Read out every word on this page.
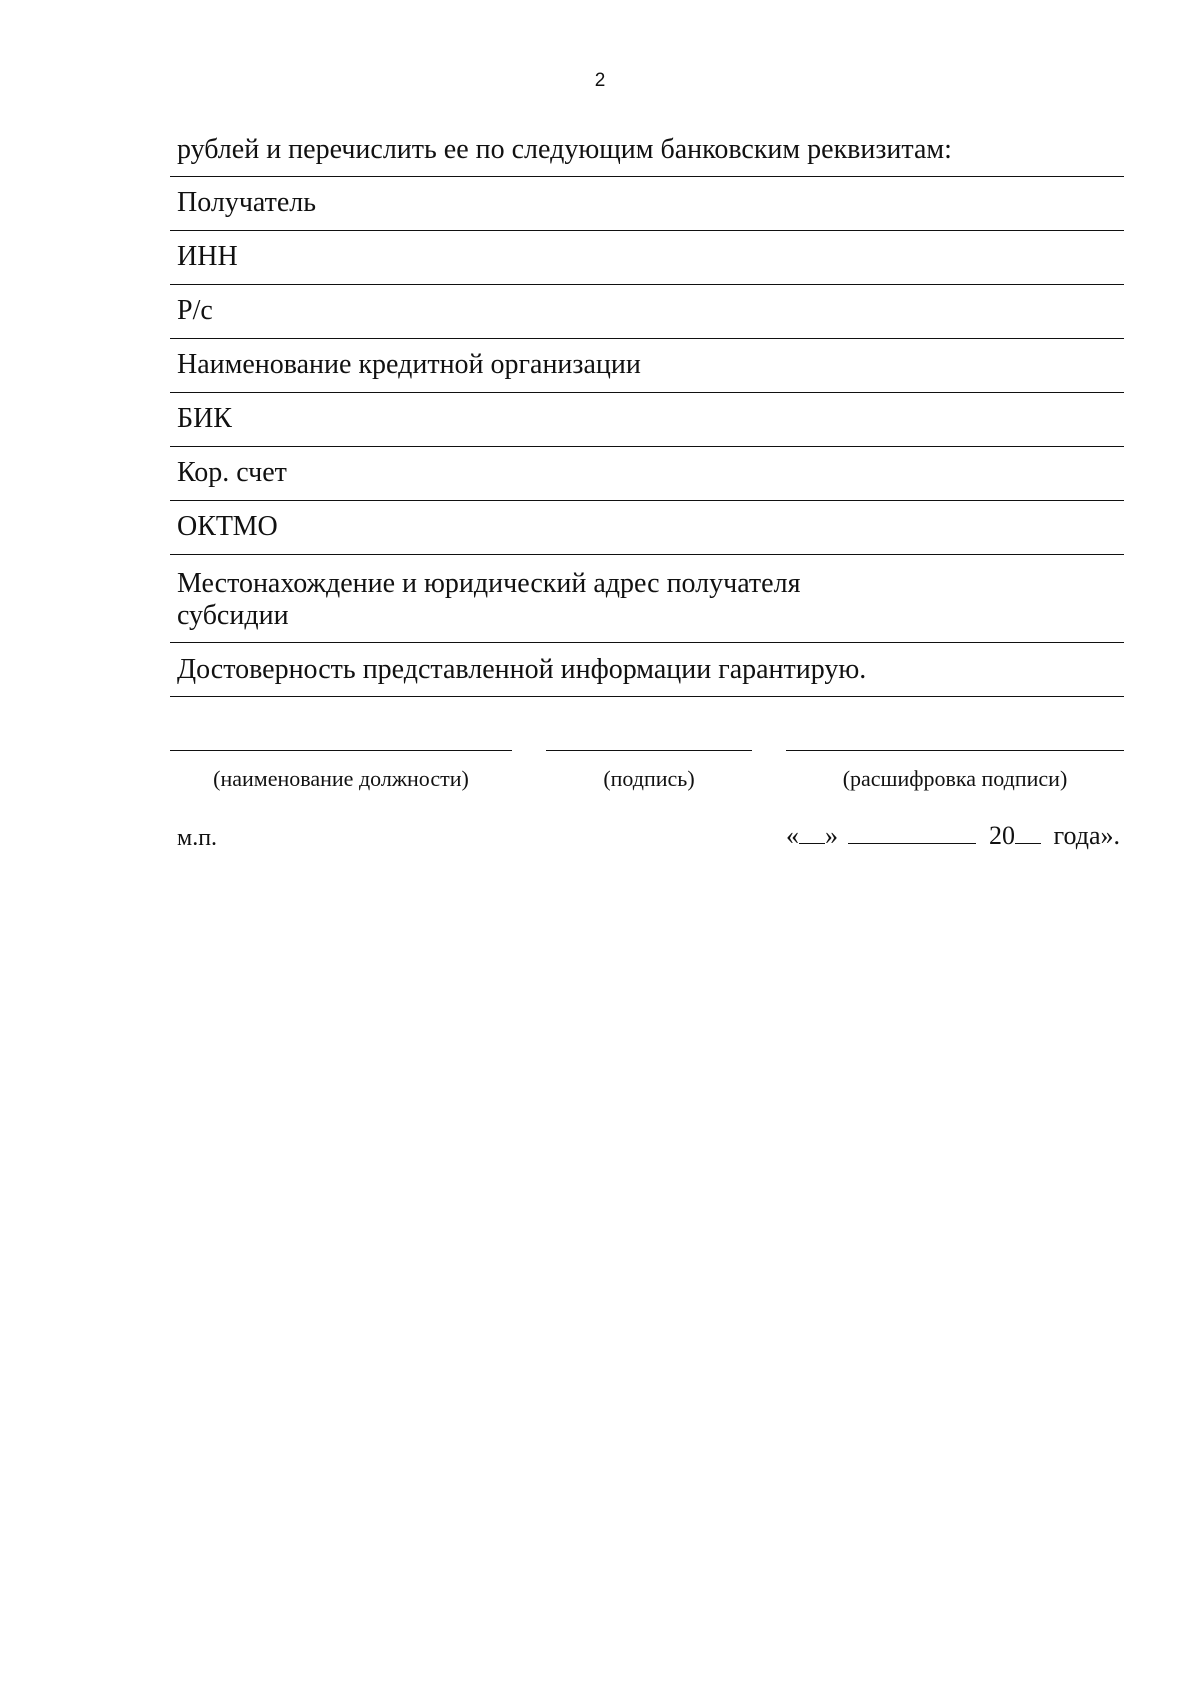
2
рублей и перечислить ее по следующим банковским реквизитам:
Получатель
ИНН
Р/с
Наименование кредитной организации
БИК
Кор. счет
ОКТМО
Местонахождение и юридический адрес получателя
субсидии
Достоверность представленной информации гарантирую.
(наименование должности)	(подпись)	(расшифровка подписи)
м.п.	« »	20 года».
